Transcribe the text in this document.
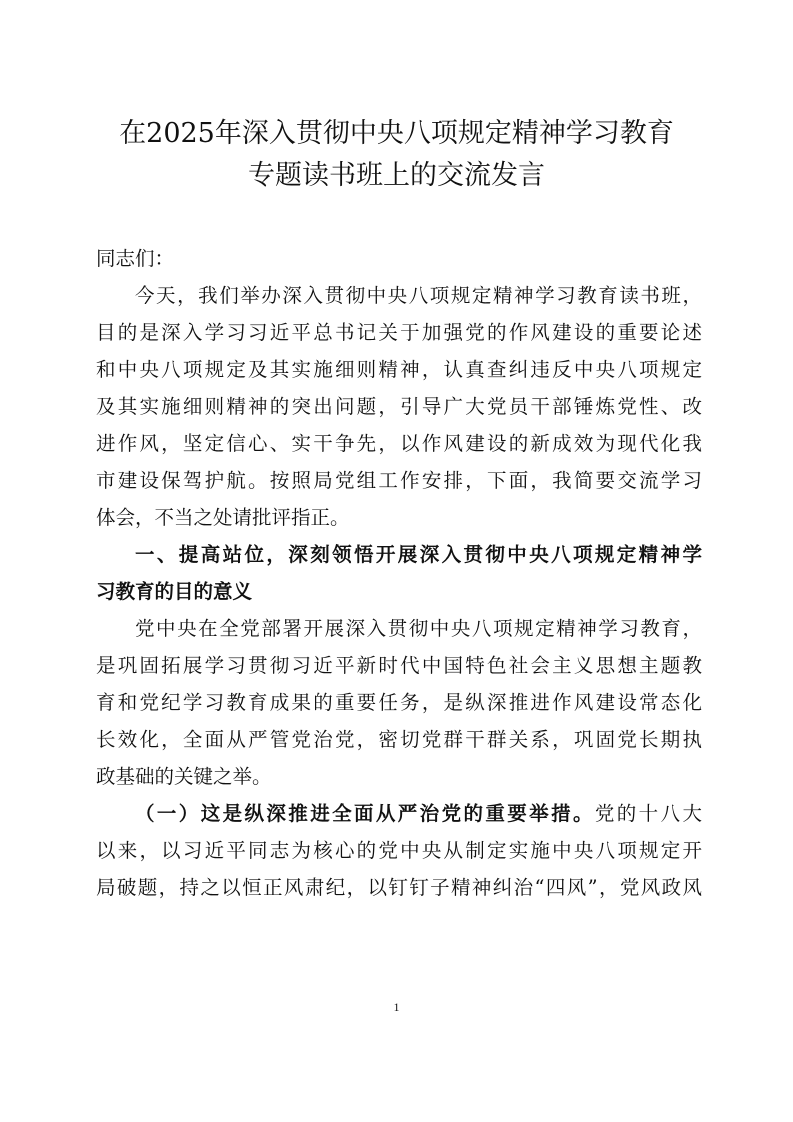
在2025年深入贯彻中央八项规定精神学习教育
专题读书班上的交流发言
同志们：
今天，我们举办深入贯彻中央八项规定精神学习教育读书班，
目的是深入学习习近平总书记关于加强党的作风建设的重要论述
和中央八项规定及其实施细则精神，认真查纠违反中央八项规定
及其实施细则精神的突出问题，引导广大党员干部锤炼党性、改
进作风，坚定信心、实干争先，以作风建设的新成效为现代化我
市建设保驾护航。按照局党组工作安排，下面，我简要交流学习
体会，不当之处请批评指正。
一、提高站位，深刻领悟开展深入贯彻中央八项规定精神学
习教育的目的意义
党中央在全党部署开展深入贯彻中央八项规定精神学习教育，
是巩固拓展学习贯彻习近平新时代中国特色社会主义思想主题教
育和党纪学习教育成果的重要任务，是纵深推进作风建设常态化
长效化，全面从严管党治党，密切党群干群关系，巩固党长期执
政基础的关键之举。
（一）这是纵深推进全面从严治党的重要举措。党的十八大
以来，以习近平同志为核心的党中央从制定实施中央八项规定开
局破题，持之以恒正风肃纪，以钉钉子精神纠治“四风”，党风政风
1
